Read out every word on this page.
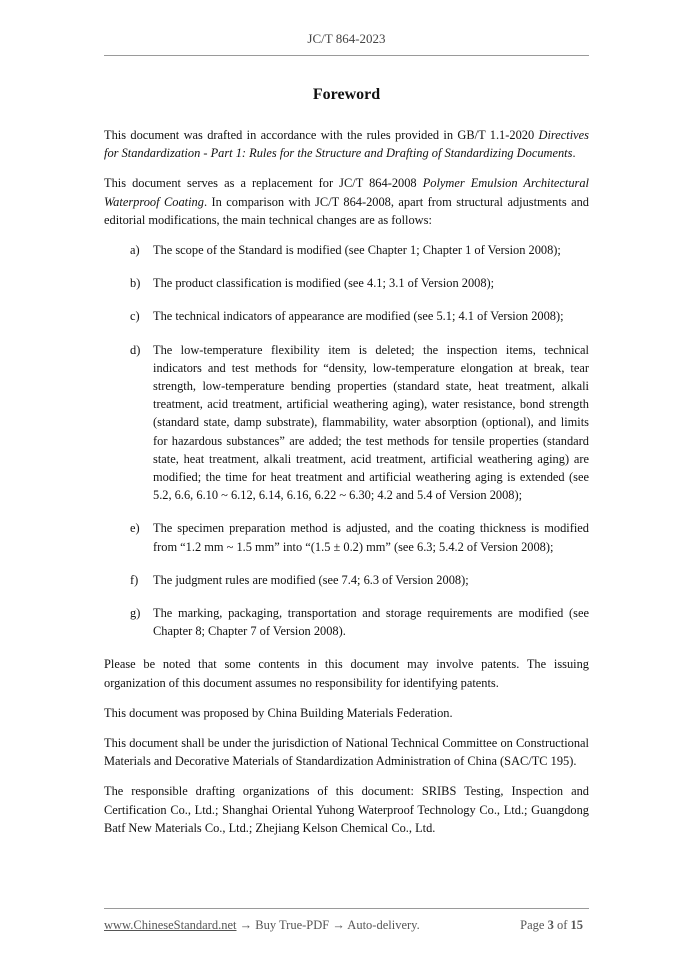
JC/T 864-2023
Foreword

This document was drafted in accordance with the rules provided in GB/T 1.1-2020 Directives for Standardization - Part 1: Rules for the Structure and Drafting of Standardizing Documents.

This document serves as a replacement for JC/T 864-2008 Polymer Emulsion Architectural Waterproof Coating. In comparison with JC/T 864-2008, apart from structural adjustments and editorial modifications, the main technical changes are as follows:

a) The scope of the Standard is modified (see Chapter 1; Chapter 1 of Version 2008);
b) The product classification is modified (see 4.1; 3.1 of Version 2008);
c) The technical indicators of appearance are modified (see 5.1; 4.1 of Version 2008);
d) The low-temperature flexibility item is deleted; the inspection items, technical indicators and test methods for “density, low-temperature elongation at break, tear strength, low-temperature bending properties (standard state, heat treatment, alkali treatment, acid treatment, artificial weathering aging), water resistance, bond strength (standard state, damp substrate), flammability, water absorption (optional), and limits for hazardous substances” are added; the test methods for tensile properties (standard state, heat treatment, alkali treatment, acid treatment, artificial weathering aging) are modified; the time for heat treatment and artificial weathering aging is extended (see 5.2, 6.6, 6.10 ~ 6.12, 6.14, 6.16, 6.22 ~ 6.30; 4.2 and 5.4 of Version 2008);
e) The specimen preparation method is adjusted, and the coating thickness is modified from “1.2 mm ~ 1.5 mm” into “(1.5 ± 0.2) mm” (see 6.3; 5.4.2 of Version 2008);
f) The judgment rules are modified (see 7.4; 6.3 of Version 2008);
g) The marking, packaging, transportation and storage requirements are modified (see Chapter 8; Chapter 7 of Version 2008).

Please be noted that some contents in this document may involve patents. The issuing organization of this document assumes no responsibility for identifying patents.

This document was proposed by China Building Materials Federation.

This document shall be under the jurisdiction of National Technical Committee on Constructional Materials and Decorative Materials of Standardization Administration of China (SAC/TC 195).

The responsible drafting organizations of this document: SRIBS Testing, Inspection and Certification Co., Ltd.; Shanghai Oriental Yuhong Waterproof Technology Co., Ltd.; Guangdong Batf New Materials Co., Ltd.; Zhejiang Kelson Chemical Co., Ltd.

www.ChineseStandard.net → Buy True-PDF → Auto-delivery.	Page 3 of 15
